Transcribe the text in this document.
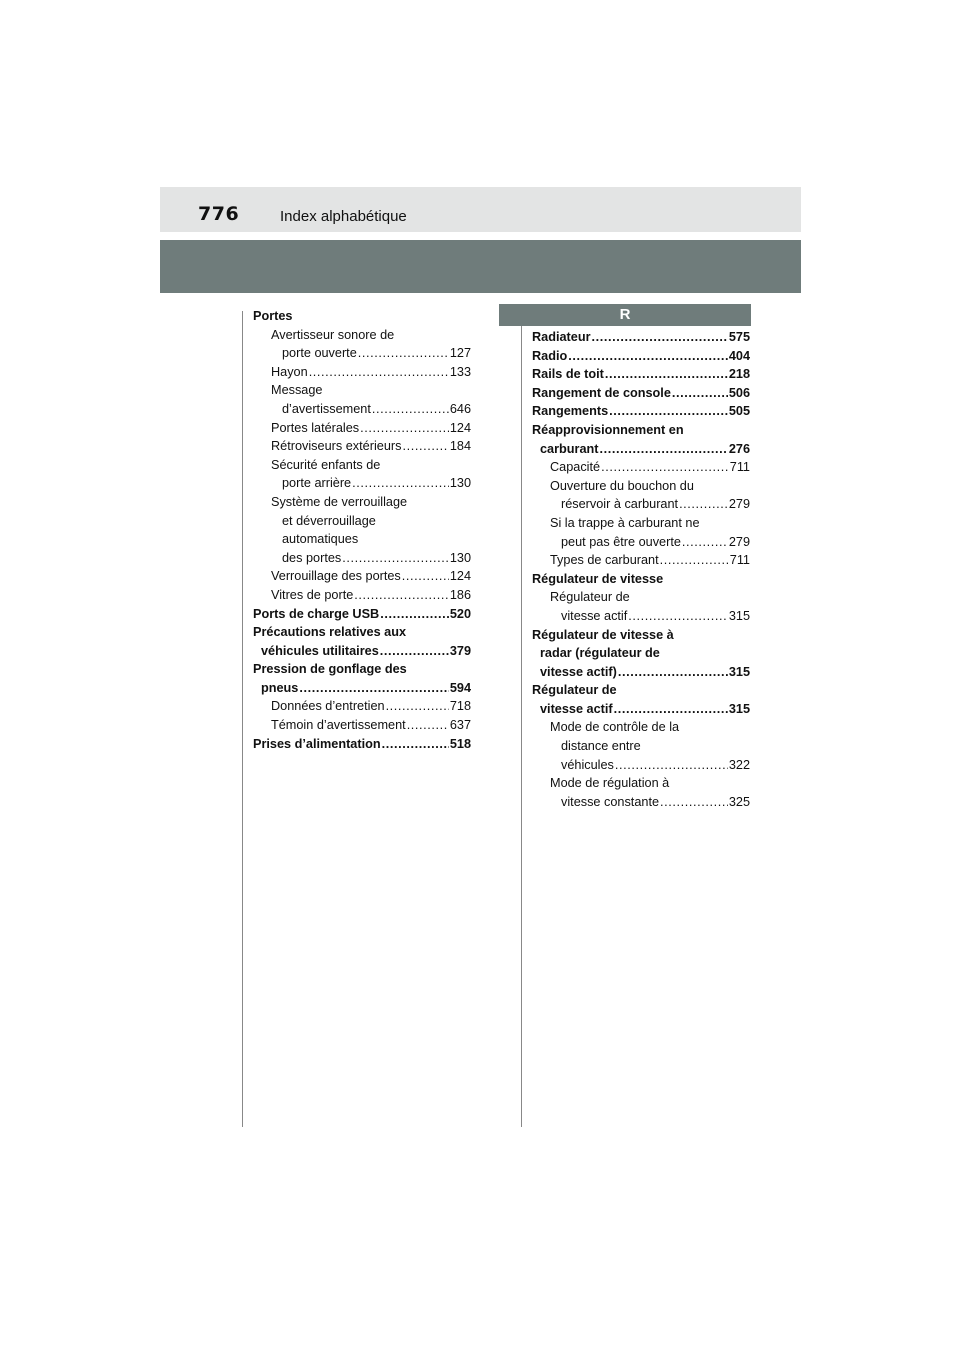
776	Index alphabétique
R
Portes
Avertisseur sonore de
porte ouverte .....	127
Hayon .....	133
Message
d’avertissement .....	646
Portes latérales .....	124
Rétroviseurs extérieurs .....	184
Sécurité enfants de
porte arrière .....	130
Système de verrouillage
et déverrouillage
automatiques
des portes .....	130
Verrouillage des portes .....	124
Vitres de porte .....	186
Ports de charge USB .....	520
Précautions relatives aux
véhicules utilitaires .....	379
Pression de gonflage des
pneus .....	594
Données d’entretien .....	718
Témoin d’avertissement .....	637
Prises d’alimentation .....	518
Radiateur .....	575
Radio .....	404
Rails de toit .....	218
Rangement de console .....	506
Rangements .....	505
Réapprovisionnement en
carburant .....	276
Capacité .....	711
Ouverture du bouchon du
réservoir à carburant .....	279
Si la trappe à carburant ne
peut pas être ouverte .....	279
Types de carburant .....	711
Régulateur de vitesse
Régulateur de
vitesse actif .....	315
Régulateur de vitesse à
radar (régulateur de
vitesse actif) .....	315
Régulateur de
vitesse actif .....	315
Mode de contrôle de la
distance entre
véhicules .....	322
Mode de régulation à
vitesse constante .....	325
